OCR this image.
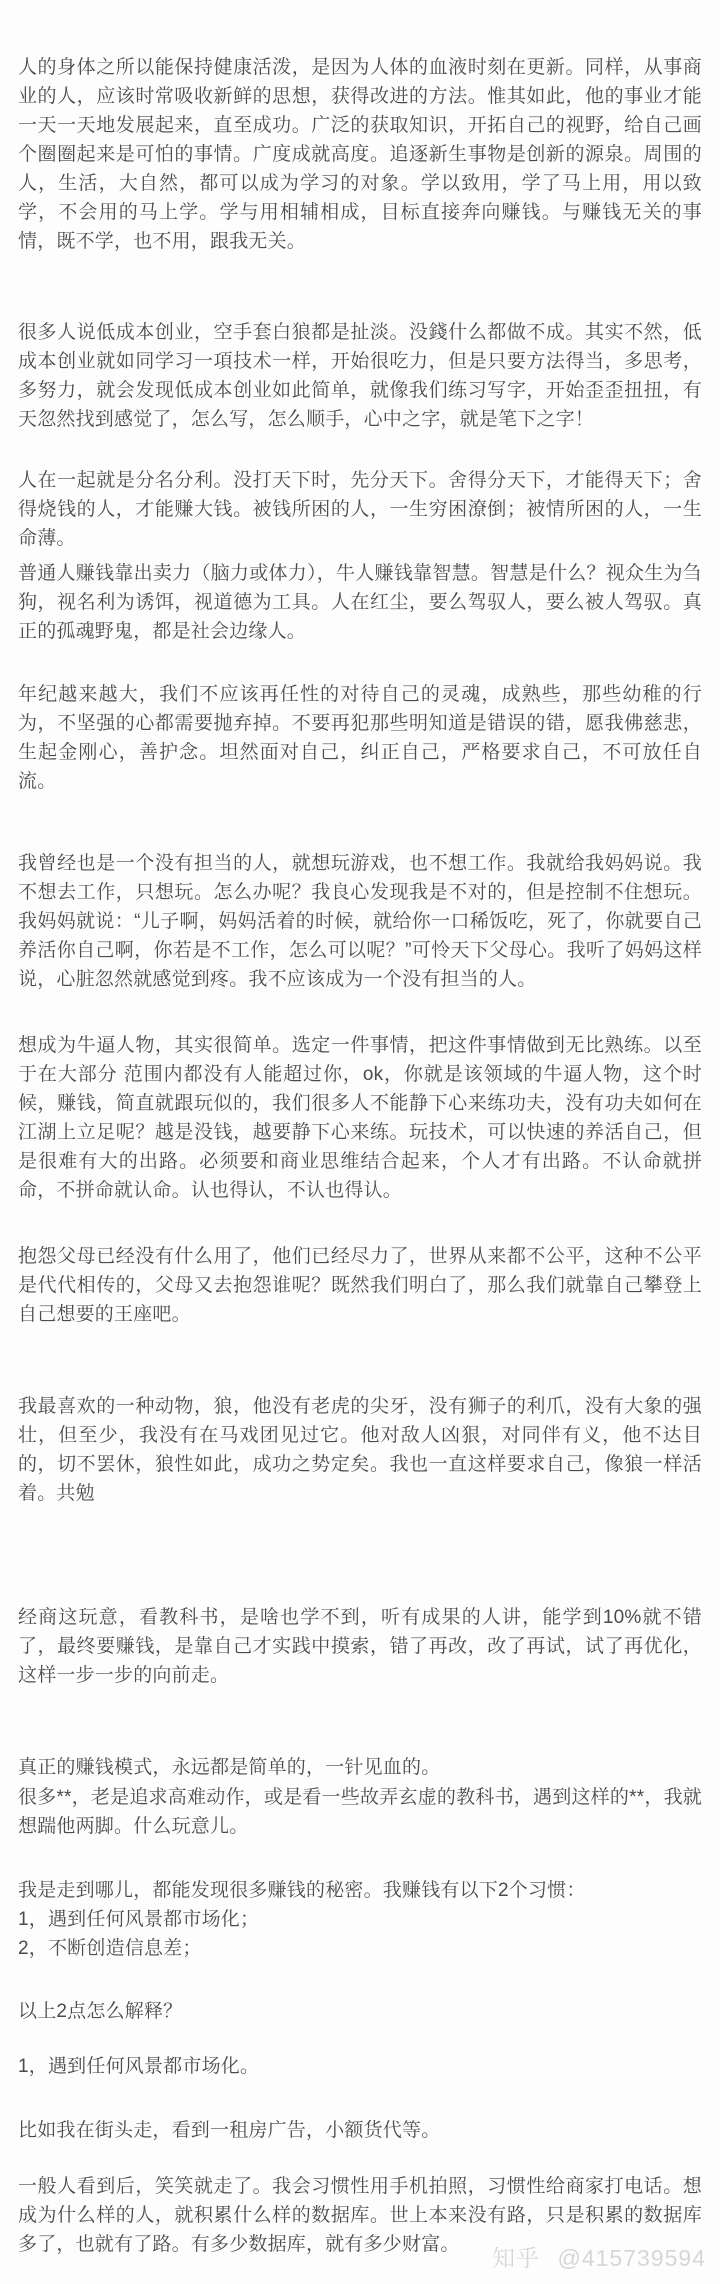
人的身体之所以能保持健康活泼，是因为人体的血液时刻在更新。同样，从事商业的人，应该时常吸收新鲜的思想，获得改进的方法。惟其如此，他的事业才能一天一天地发展起来，直至成功。广泛的获取知识，开拓自己的视野，给自己画个圈圈起来是可怕的事情。广度成就高度。追逐新生事物是创新的源泉。周围的人，生活，大自然，都可以成为学习的对象。学以致用，学了马上用，用以致学，不会用的马上学。学与用相辅相成，目标直接奔向赚钱。与赚钱无关的事情，既不学，也不用，跟我无关。

很多人说低成本创业，空手套白狼都是扯淡。没錢什么都做不成。其实不然，低成本创业就如同学习一項技术一样，开始很吃力，但是只要方法得当，多思考，多努力，就会发现低成本创业如此简单，就像我们练习写字，开始歪歪扭扭，有天忽然找到感觉了，怎么写，怎么顺手，心中之字，就是笔下之字！

人在一起就是分名分利。没打天下时，先分天下。舍得分天下，才能得天下；舍得烧钱的人，才能赚大钱。被钱所困的人，一生穷困潦倒；被情所困的人，一生命薄。

普通人赚钱靠出卖力（脑力或体力），牛人赚钱靠智慧。智慧是什么？视众生为刍狗，视名利为诱饵，视道德为工具。人在红尘，要么驾驭人，要么被人驾驭。真正的孤魂野鬼，都是社会边缘人。

年纪越来越大，我们不应该再任性的对待自己的灵魂，成熟些，那些幼稚的行为，不坚强的心都需要抛弃掉。不要再犯那些明知道是错误的错，愿我佛慈悲，生起金刚心，善护念。坦然面对自己，纠正自己，严格要求自己，不可放任自流。

我曾经也是一个没有担当的人，就想玩游戏，也不想工作。我就给我妈妈说。我不想去工作，只想玩。怎么办呢？我良心发现我是不对的，但是控制不住想玩。我妈妈就说：“儿子啊，妈妈活着的时候，就给你一口稀饭吃，死了，你就要自己养活你自己啊，你若是不工作，怎么可以呢？”可怜天下父母心。我听了妈妈这样说，心脏忽然就感觉到疼。我不应该成为一个没有担当的人。

想成为牛逼人物，其实很简单。选定一件事情，把这件事情做到无比熟练。以至于在大部分 范围内都没有人能超过你，ok，你就是该领域的牛逼人物，这个时候，赚钱，简直就跟玩似的，我们很多人不能静下心来练功夫，没有功夫如何在江湖上立足呢？越是没钱，越要静下心来练。玩技术，可以快速的养活自己，但是很难有大的出路。必须要和商业思维结合起来，个人才有出路。不认命就拼命，不拼命就认命。认也得认，不认也得认。

抱怨父母已经没有什么用了，他们已经尽力了，世界从来都不公平，这种不公平是代代相传的，父母又去抱怨谁呢？既然我们明白了，那么我们就靠自己攀登上自己想要的王座吧。

我最喜欢的一种动物，狼，他没有老虎的尖牙，没有狮子的利爪，没有大象的强壮，但至少，我没有在马戏团见过它。他对敌人凶狠，对同伴有义，他不达目的，切不罢休，狼性如此，成功之势定矣。我也一直这样要求自己，像狼一样活着。共勉

经商这玩意，看教科书，是啥也学不到，听有成果的人讲，能学到10%就不错了，最终要赚钱，是靠自己才实践中摸索，错了再改，改了再试，试了再优化，这样一步一步的向前走。

真正的赚钱模式，永远都是简单的，一针见血的。

很多**，老是追求高难动作，或是看一些故弄玄虚的教科书，遇到这样的**，我就想踹他两脚。什么玩意儿。

我是走到哪儿，都能发现很多赚钱的秘密。我赚钱有以下2个习惯：

1，遇到任何风景都市场化；

2，不断创造信息差；

以上2点怎么解释？

1，遇到任何风景都市场化。

比如我在街头走，看到一租房广告，小额货代等。

一般人看到后，笑笑就走了。我会习惯性用手机拍照，习惯性给商家打电话。想成为什么样的人，就积累什么样的数据库。世上本来没有路，只是积累的数据库多了，也就有了路。有多少数据库，就有多少财富。

知乎 @415739594
